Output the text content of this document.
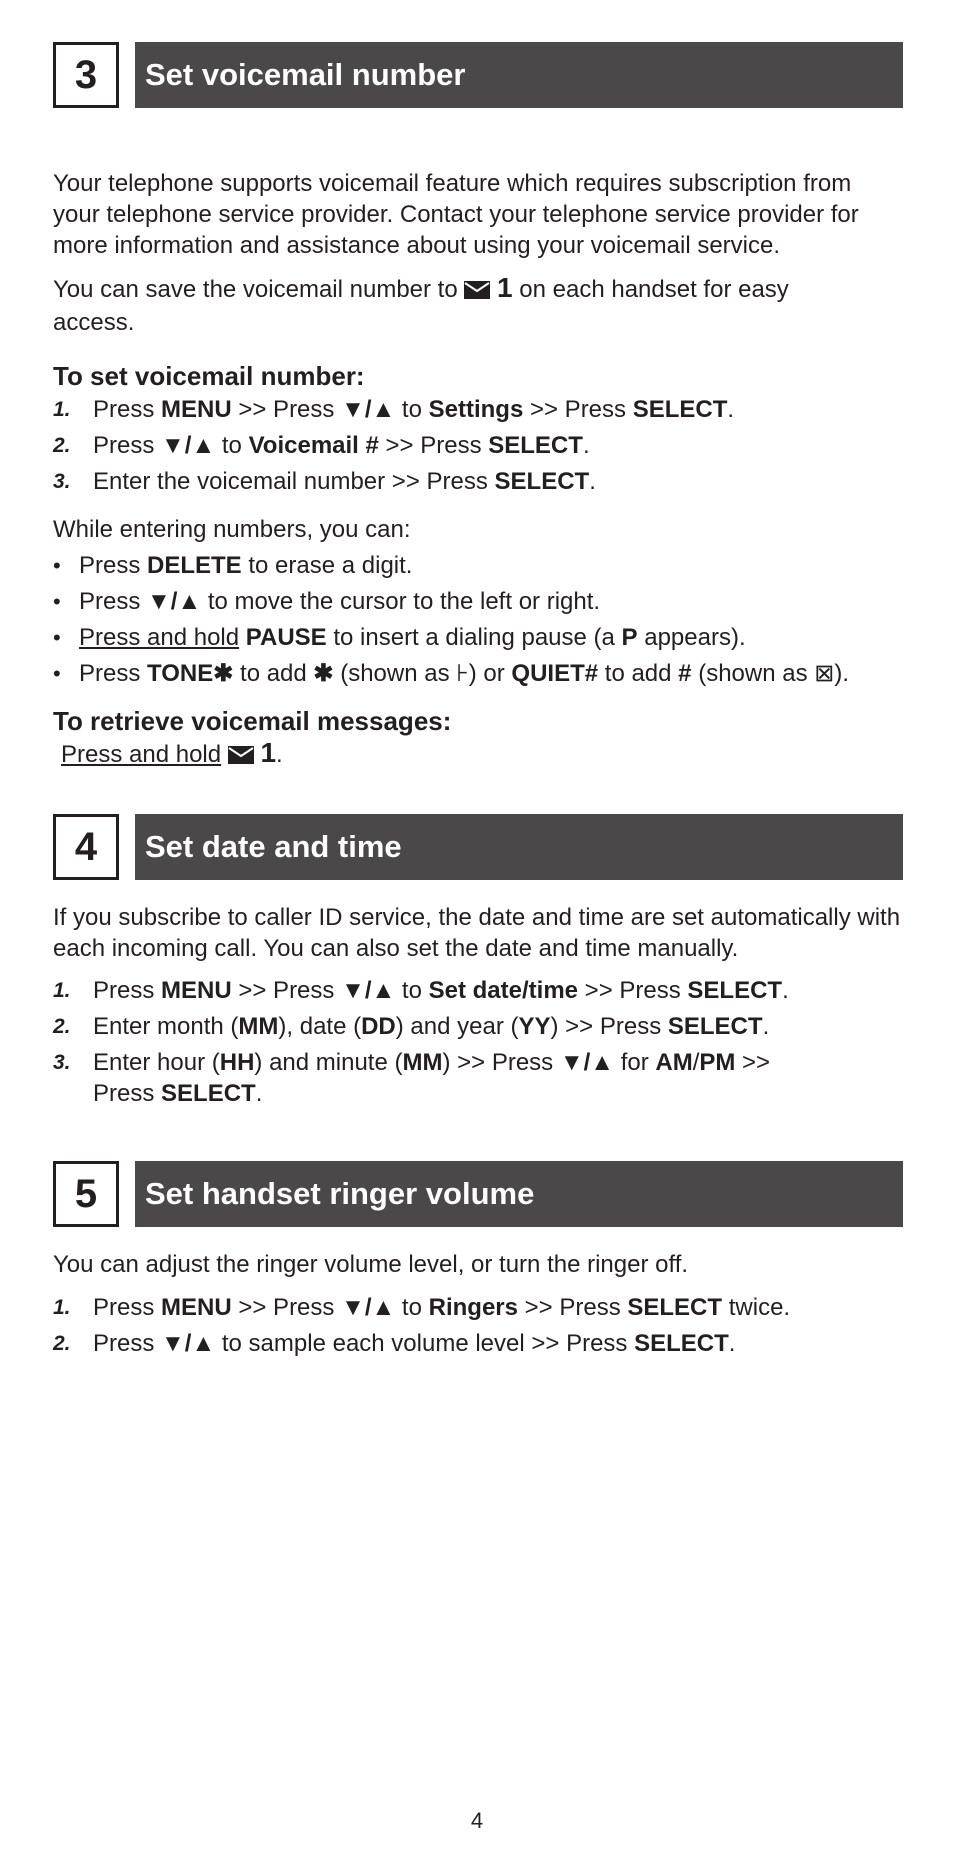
3	Set voicemail number

Your telephone supports voicemail feature which requires subscription from your telephone service provider. Contact your telephone service provider for more information and assistance about using your voicemail service.

You can save the voicemail number to  1 on each handset for easy access.

To set voicemail number:
1. Press MENU >> Press ▼/▲ to Settings >> Press SELECT.
2. Press ▼/▲ to Voicemail # >> Press SELECT.
3. Enter the voicemail number >> Press SELECT.

While entering numbers, you can:

• Press DELETE to erase a digit.
• Press ▼/▲ to move the cursor to the left or right.
• Press and hold PAUSE to insert a dialing pause (a P appears).
• Press TONE✱ to add ✱ (shown as ⊦) or QUIET# to add # (shown as ⊠).
To retrieve voicemail messages:

Press and hold 1.

4	Set date and time

If you subscribe to caller ID service, the date and time are set automatically with each incoming call. You can also set the date and time manually.

1. Press MENU >> Press ▼/▲ to Set date/time >> Press SELECT.
2. Enter month (MM), date (DD) and year (YY) >> Press SELECT.
3. Enter hour (HH) and minute (MM) >> Press ▼/▲ for AM/PM >> Press SELECT.
5	Set handset ringer volume

You can adjust the ringer volume level, or turn the ringer off.

1. Press MENU >> Press ▼/▲ to Ringers >> Press SELECT twice.
2. Press ▼/▲ to sample each volume level >> Press SELECT.
4
